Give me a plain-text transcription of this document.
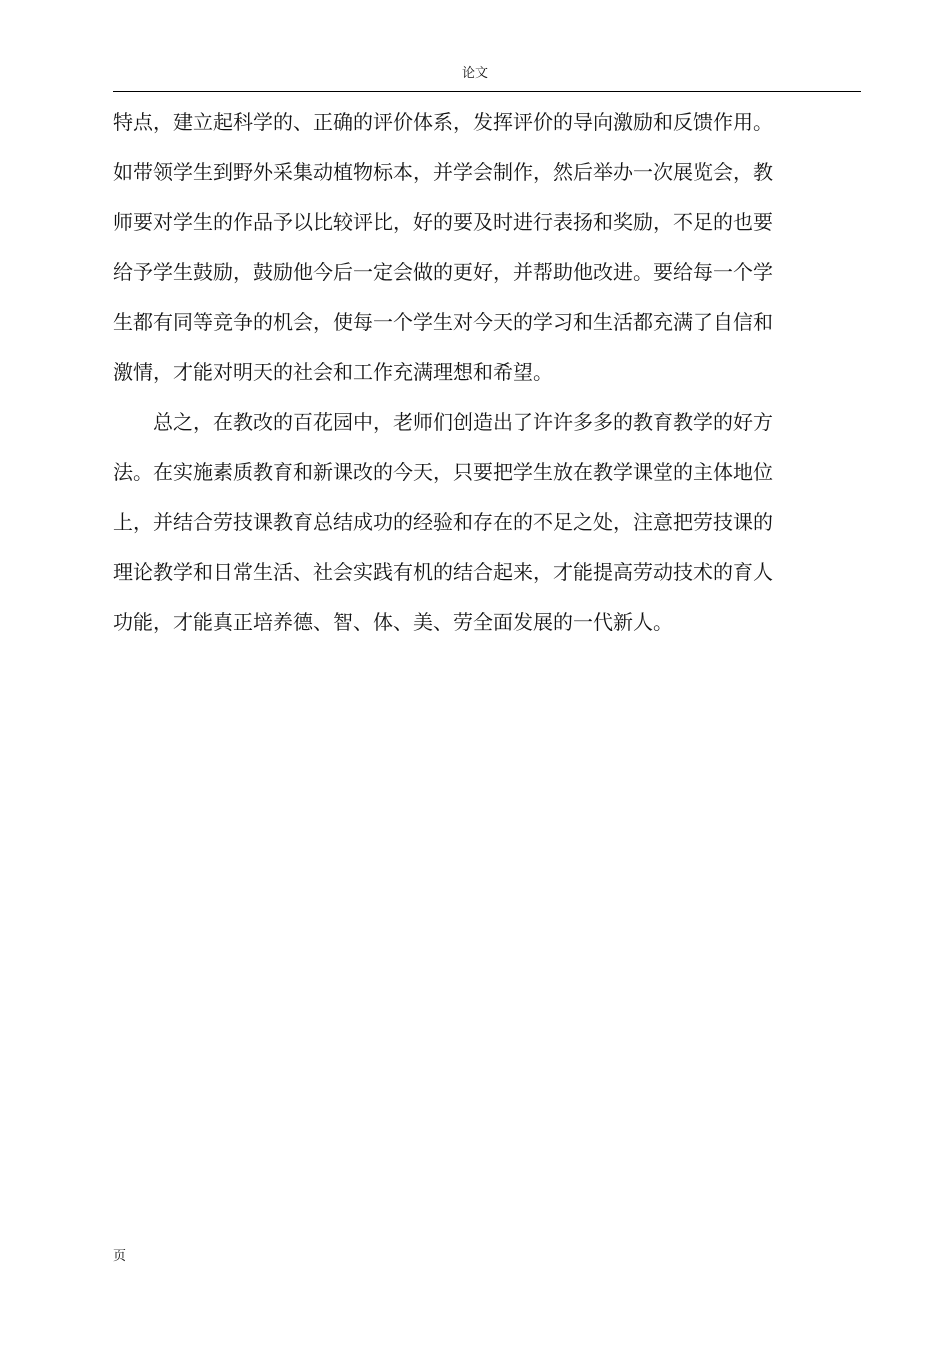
论文
特点，建立起科学的、正确的评价体系，发挥评价的导向激励和反馈作用。
如带领学生到野外采集动植物标本，并学会制作，然后举办一次展览会，教
师要对学生的作品予以比较评比，好的要及时进行表扬和奖励，不足的也要
给予学生鼓励，鼓励他今后一定会做的更好，并帮助他改进。要给每一个学
生都有同等竞争的机会，使每一个学生对今天的学习和生活都充满了自信和
激情，才能对明天的社会和工作充满理想和希望。
　　总之，在教改的百花园中，老师们创造出了许许多多的教育教学的好方
法。在实施素质教育和新课改的今天，只要把学生放在教学课堂的主体地位
上，并结合劳技课教育总结成功的经验和存在的不足之处，注意把劳技课的
理论教学和日常生活、社会实践有机的结合起来，才能提高劳动技术的育人
功能，才能真正培养德、智、体、美、劳全面发展的一代新人。
页
